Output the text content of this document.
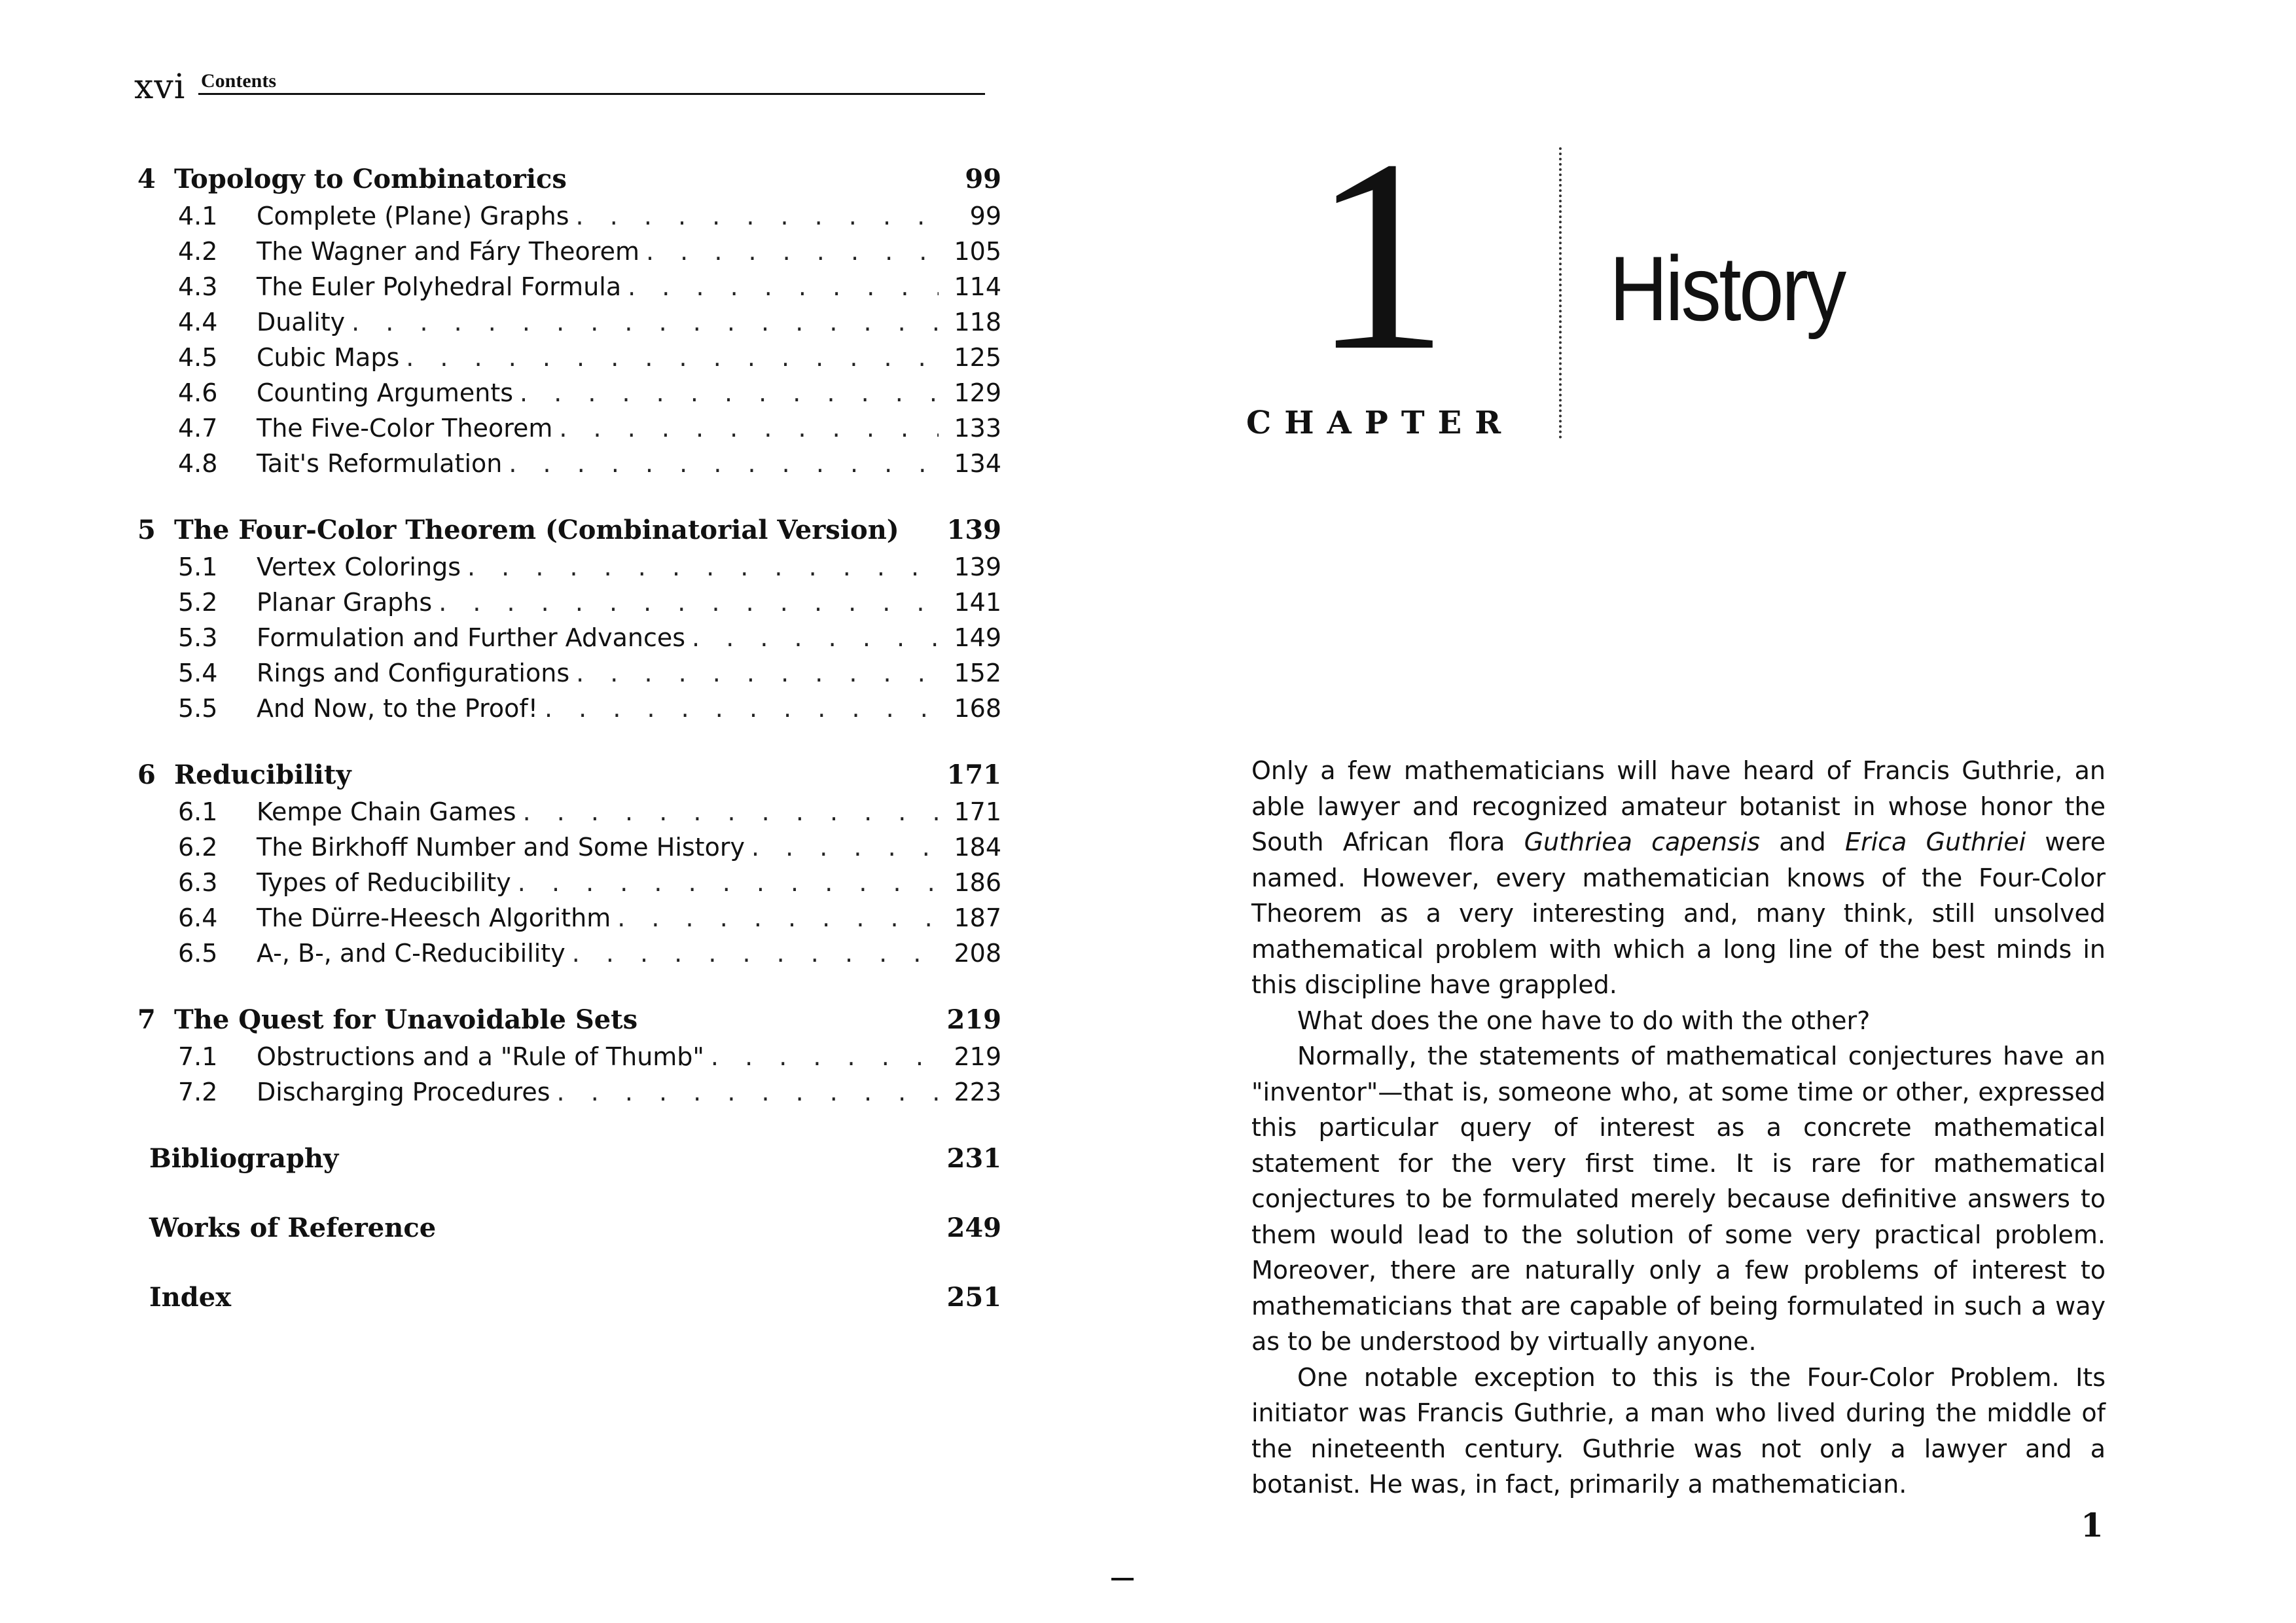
xvi Contents
4 Topology to Combinatorics	99
4.1	Complete (Plane) Graphs . . .	99
4.2	The Wagner and Fáry Theorem . . .	105
4.3	The Euler Polyhedral Formula . . .	114
4.4	Duality . . .	118
4.5	Cubic Maps . . .	125
4.6	Counting Arguments . . .	129
4.7	The Five-Color Theorem . . .	133
4.8	Tait's Reformulation . . .	134
5 The Four-Color Theorem (Combinatorial Version)	139
5.1	Vertex Colorings . . .	139
5.2	Planar Graphs . . .	141
5.3	Formulation and Further Advances . . .	149
5.4	Rings and Configurations . . .	152
5.5	And Now, to the Proof! . . .	168
6 Reducibility	171
6.1	Kempe Chain Games . . .	171
6.2	The Birkhoff Number and Some History . . .	184
6.3	Types of Reducibility . . .	186
6.4	The Dürre-Heesch Algorithm . . .	187
6.5	A-, B-, and C-Reducibility . . .	208
7 The Quest for Unavoidable Sets	219
7.1	Obstructions and a "Rule of Thumb" . . .	219
7.2	Discharging Procedures . . .	223
Bibliography	231
Works of Reference	249
Index	251
1
CHAPTER
History

Only a few mathematicians will have heard of Francis Guthrie, an able lawyer and recognized amateur botanist in whose honor the South African flora Guthriea capensis and Erica Guthriei were named. However, every mathematician knows of the Four-Color Theorem as a very interesting and, many think, still unsolved mathematical problem with which a long line of the best minds in this discipline have grappled.

What does the one have to do with the other?

Normally, the statements of mathematical conjectures have an "inventor"—that is, someone who, at some time or other, expressed this particular query of interest as a concrete mathematical statement for the very first time. It is rare for mathematical conjectures to be formulated merely because definitive answers to them would lead to the solution of some very practical problem. Moreover, there are naturally only a few problems of interest to mathematicians that are capable of being formulated in such a way as to be understood by virtually anyone.

One notable exception to this is the Four-Color Problem. Its initiator was Francis Guthrie, a man who lived during the middle of the nineteenth century. Guthrie was not only a lawyer and a botanist. He was, in fact, primarily a mathematician.

1
